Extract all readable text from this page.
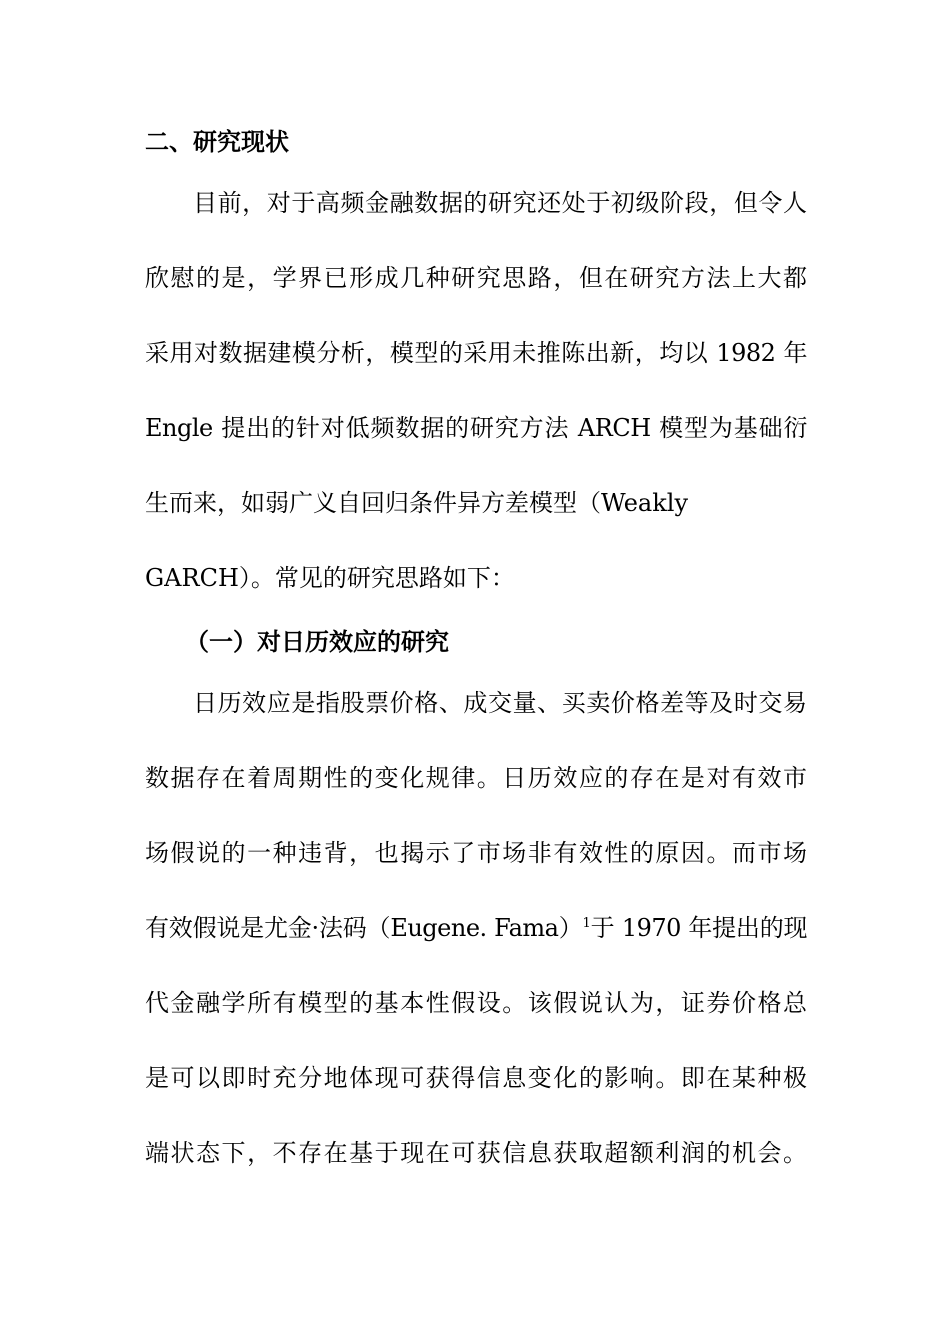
二、研究现状
目前，对于高频金融数据的研究还处于初级阶段，但令人
欣慰的是，学界已形成几种研究思路，但在研究方法上大都
采用对数据建模分析，模型的采用未推陈出新，均以 1982 年
Engle 提出的针对低频数据的研究方法 ARCH 模型为基础衍
生而来，如弱广义自回归条件异方差模型（Weakly
GARCH）。常见的研究思路如下：
（一）对日历效应的研究
日历效应是指股票价格、成交量、买卖价格差等及时交易
数据存在着周期性的变化规律。日历效应的存在是对有效市
场假说的一种违背，也揭示了市场非有效性的原因。而市场
有效假说是尤金·法码（Eugene. Fama）$^1$于 1970 年提出的现
代金融学所有模型的基本性假设。该假说认为，证券价格总
是可以即时充分地体现可获得信息变化的影响。即在某种极
端状态下，不存在基于现在可获信息获取超额利润的机会。
